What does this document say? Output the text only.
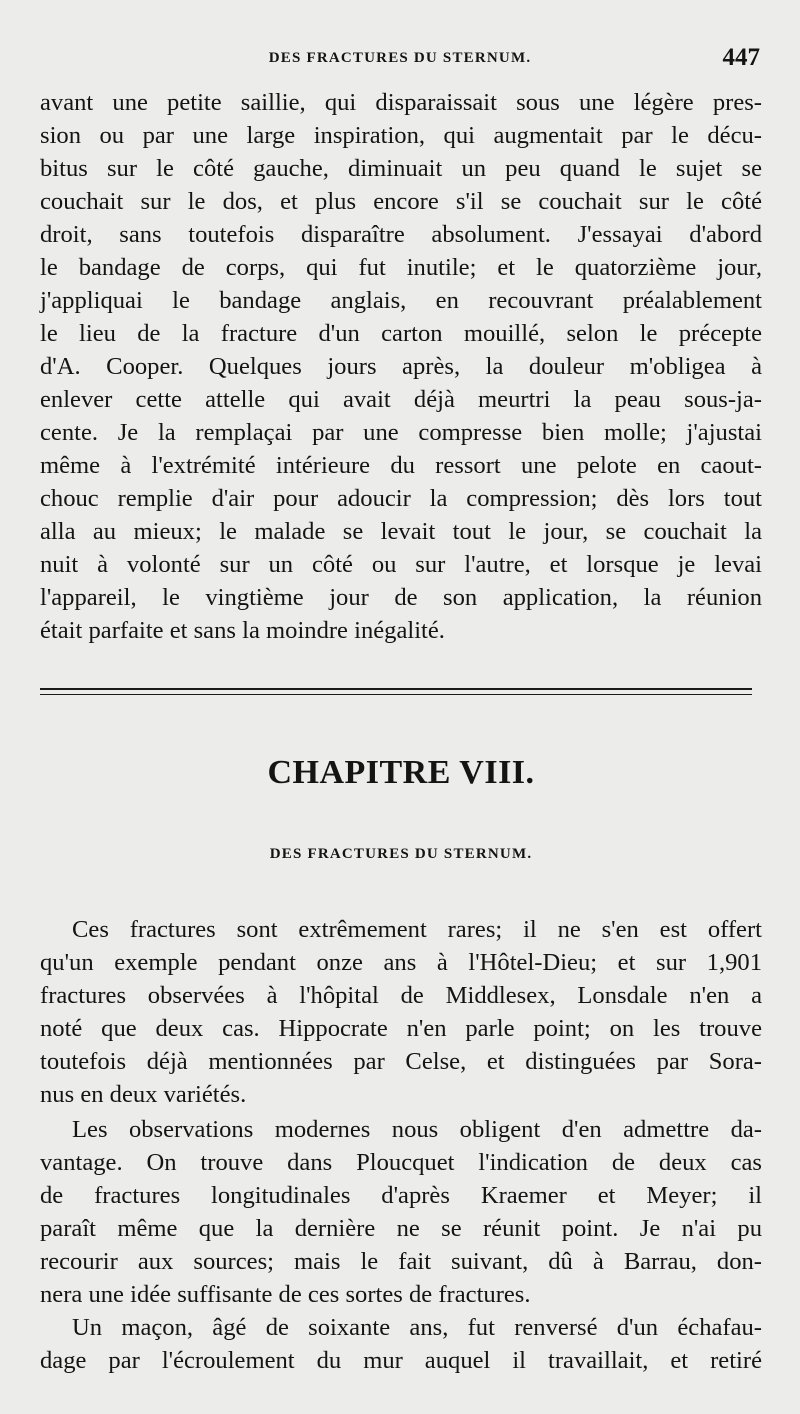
DES FRACTURES DU STERNUM.	447
avant une petite saillie, qui disparaissait sous une légère pres-
sion ou par une large inspiration, qui augmentait par le décu-
bitus sur le côté gauche, diminuait un peu quand le sujet se
couchait sur le dos, et plus encore s'il se couchait sur le côté
droit, sans toutefois disparaître absolument. J'essayai d'abord
le bandage de corps, qui fut inutile; et le quatorzième jour,
j'appliquai le bandage anglais, en recouvrant préalablement
le lieu de la fracture d'un carton mouillé, selon le précepte
d'A. Cooper. Quelques jours après, la douleur m'obligea à
enlever cette attelle qui avait déjà meurtri la peau sous-ja-
cente. Je la remplaçai par une compresse bien molle; j'ajustai
même à l'extrémité intérieure du ressort une pelote en caout-
chouc remplie d'air pour adoucir la compression; dès lors tout
alla au mieux; le malade se levait tout le jour, se couchait la
nuit à volonté sur un côté ou sur l'autre, et lorsque je levai
l'appareil, le vingtième jour de son application, la réunion
était parfaite et sans la moindre inégalité.
CHAPITRE VIII.
DES FRACTURES DU STERNUM.
Ces fractures sont extrêmement rares; il ne s'en est offert
qu'un exemple pendant onze ans à l'Hôtel-Dieu; et sur 1,901
fractures observées à l'hôpital de Middlesex, Lonsdale n'en a
noté que deux cas. Hippocrate n'en parle point; on les trouve
toutefois déjà mentionnées par Celse, et distinguées par Sora-
nus en deux variétés.
Les observations modernes nous obligent d'en admettre da-
vantage. On trouve dans Ploucquet l'indication de deux cas
de fractures longitudinales d'après Kraemer et Meyer; il
paraît même que la dernière ne se réunit point. Je n'ai pu
recourir aux sources; mais le fait suivant, dû à Barrau, don-
nera une idée suffisante de ces sortes de fractures.
Un maçon, âgé de soixante ans, fut renversé d'un échafau-
dage par l'écroulement du mur auquel il travaillait, et retiré
